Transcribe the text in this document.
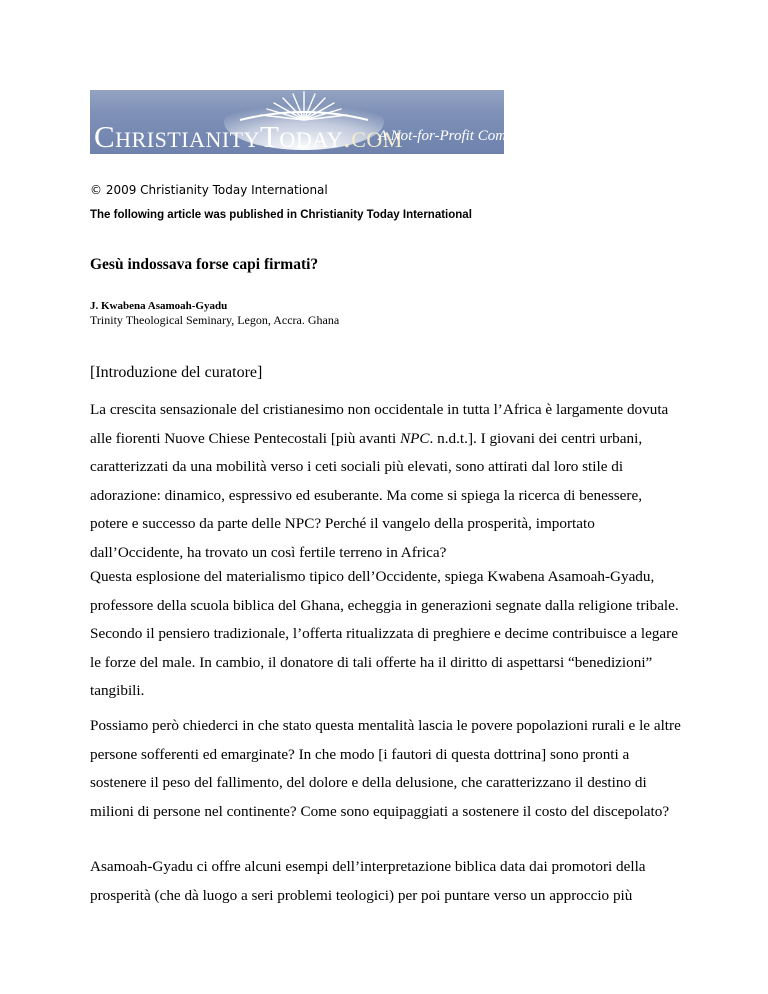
ChristianityToday.com
A Not-for-Profit Commun
© 2009 Christianity Today International
The following article was published in Christianity Today International
Gesù indossava forse capi firmati?
J. Kwabena Asamoah-Gyadu
Trinity Theological Seminary, Legon, Accra. Ghana
[Introduzione del curatore]
La crescita sensazionale del cristianesimo non occidentale in tutta l’Africa è largamente dovuta
alle fiorenti Nuove Chiese Pentecostali [più avanti NPC. n.d.t.]. I giovani dei centri urbani,
caratterizzati da una mobilità verso i ceti sociali più elevati, sono attirati dal loro stile di
adorazione: dinamico, espressivo ed esuberante. Ma come si spiega la ricerca di benessere,
potere e successo da parte delle NPC? Perché il vangelo della prosperità, importato
dall’Occidente, ha trovato un così fertile terreno in Africa?
Questa esplosione del materialismo tipico dell’Occidente, spiega Kwabena Asamoah-Gyadu,
professore della scuola biblica del Ghana, echeggia in generazioni segnate dalla religione tribale.
Secondo il pensiero tradizionale, l’offerta ritualizzata di preghiere e decime contribuisce a legare
le forze del male. In cambio, il donatore di tali offerte ha il diritto di aspettarsi “benedizioni”
tangibili.
Possiamo però chiederci in che stato questa mentalità lascia le povere popolazioni rurali e le altre
persone sofferenti ed emarginate? In che modo [i fautori di questa dottrina] sono pronti a
sostenere il peso del fallimento, del dolore e della delusione, che caratterizzano il destino di
milioni di persone nel continente? Come sono equipaggiati a sostenere il costo del discepolato?
Asamoah-Gyadu ci offre alcuni esempi dell’interpretazione biblica data dai promotori della
prosperità (che dà luogo a seri problemi teologici) per poi puntare verso un approccio più
